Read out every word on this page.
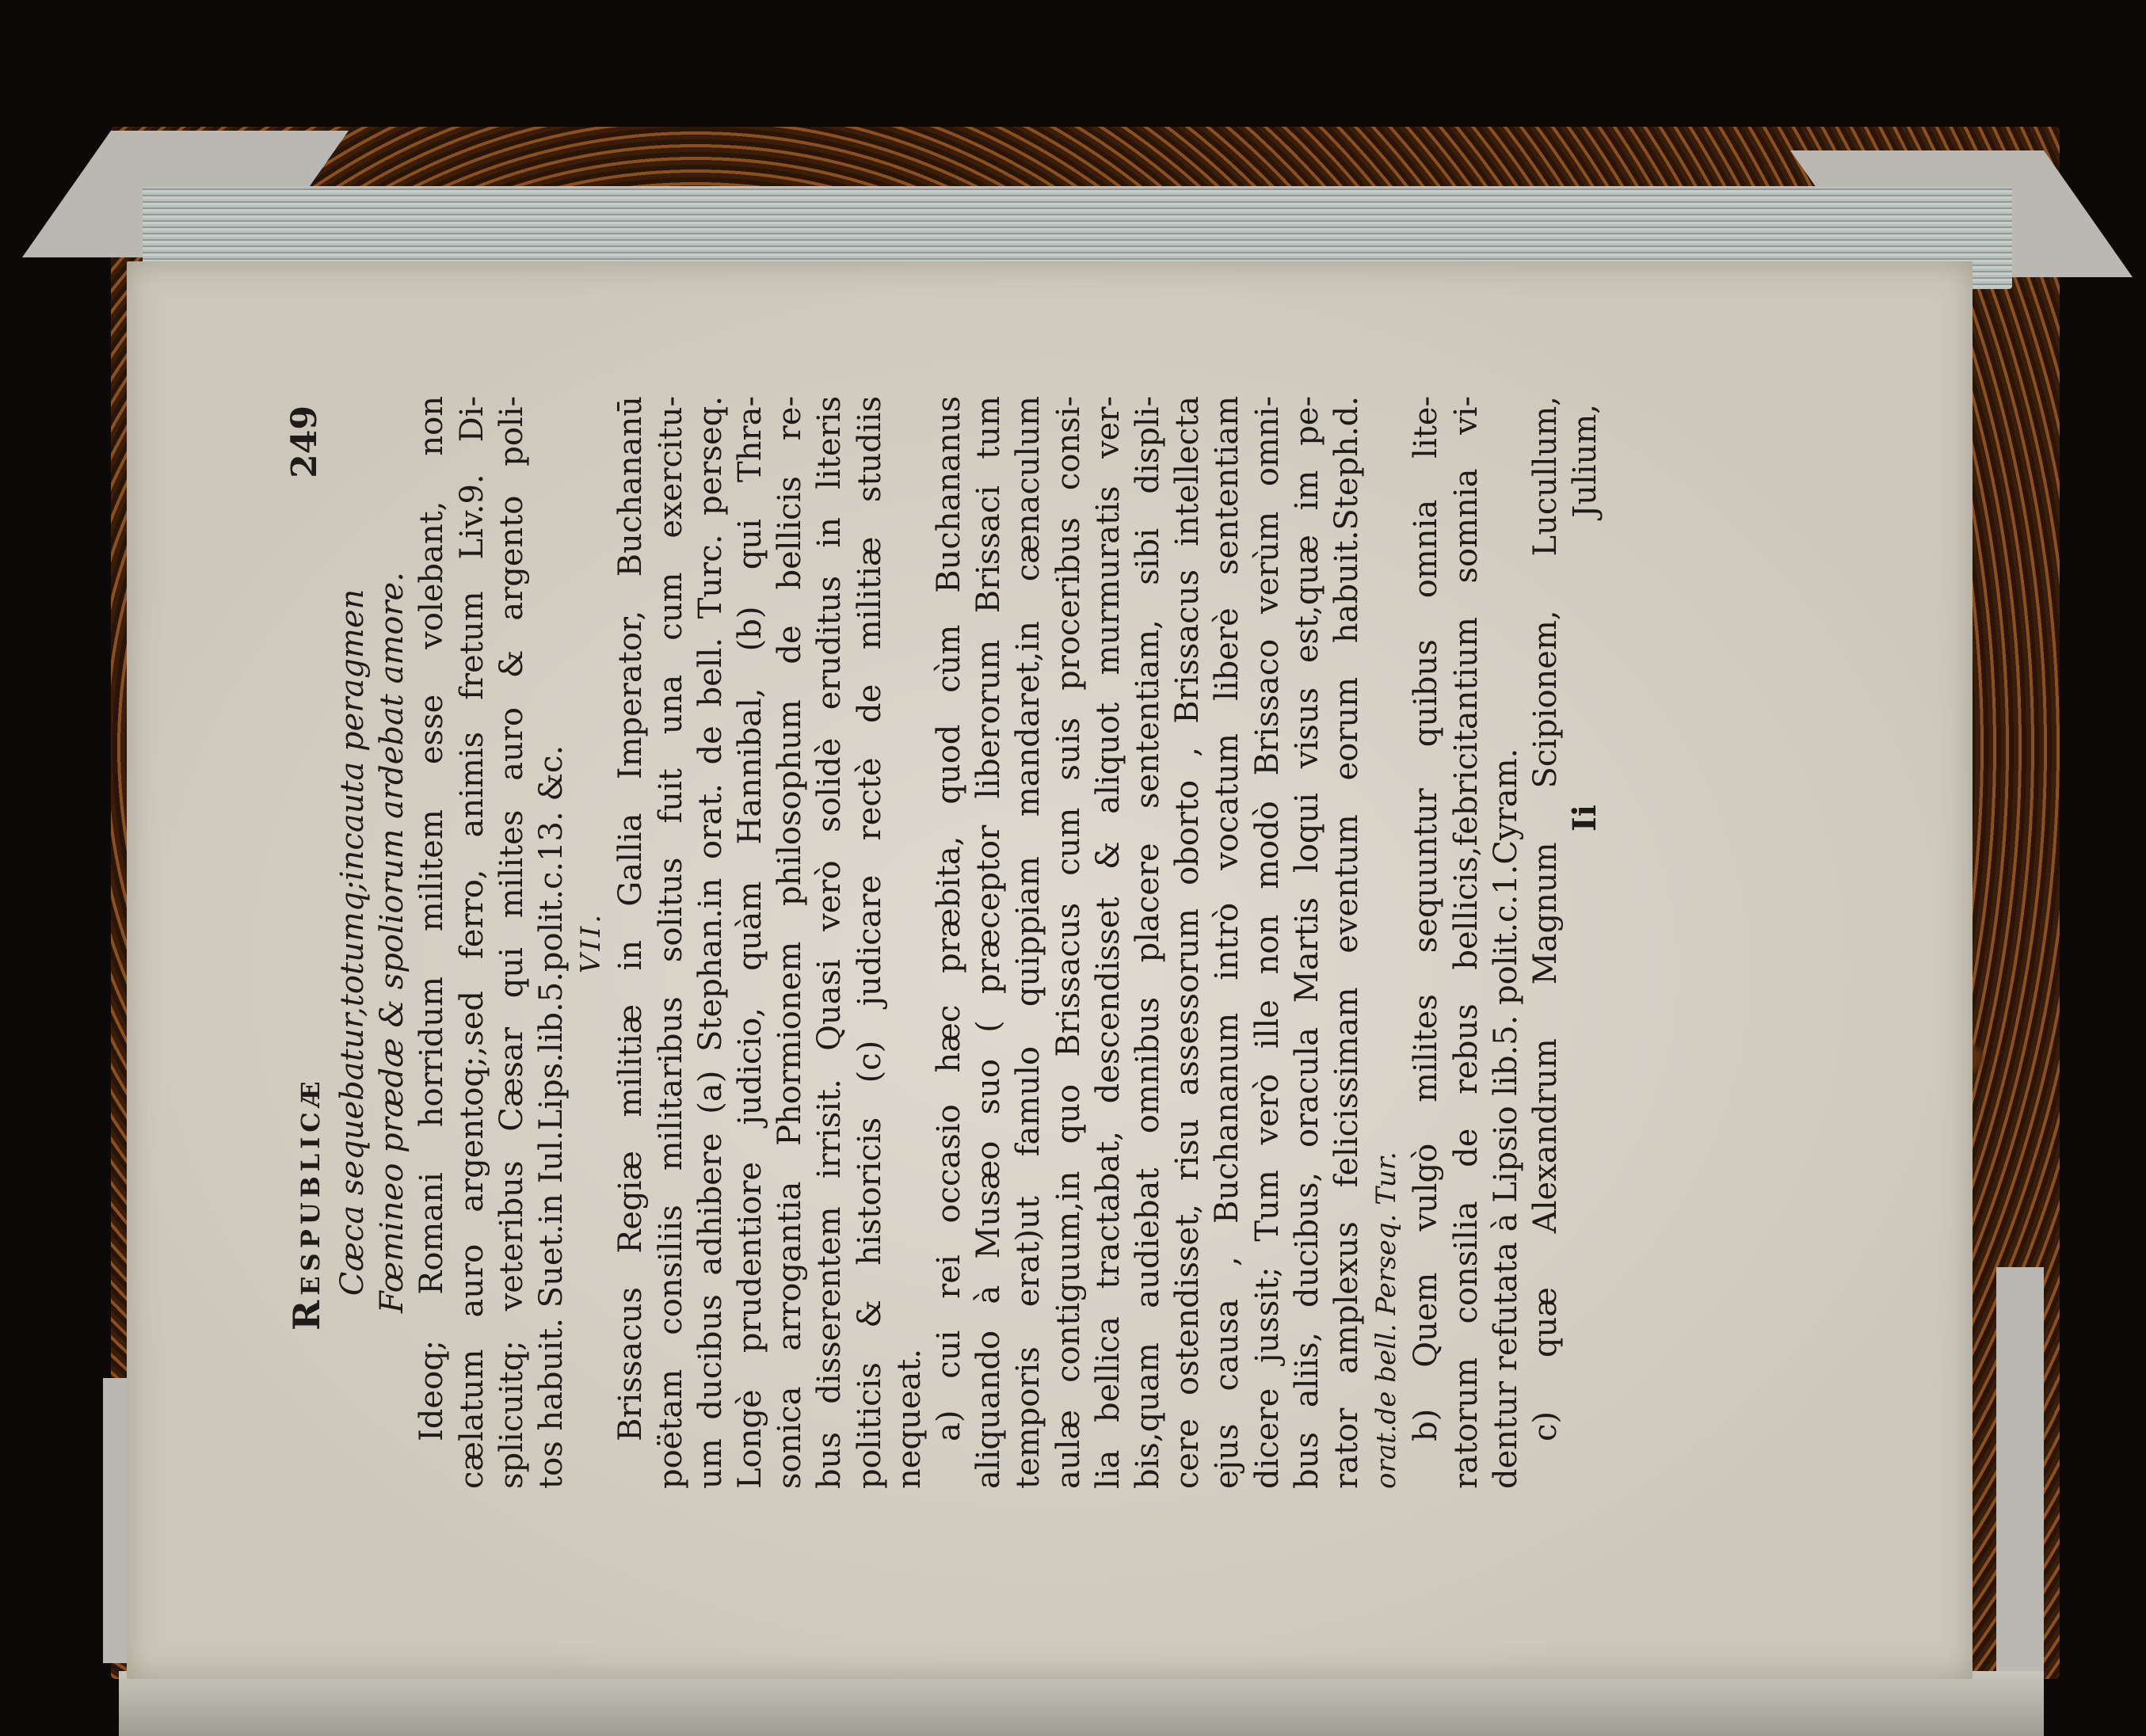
Respublicæ
249
Cæca sequebatur,totumq;incauta peragmen Fœmineo prædæ & spoliorum ardebat amore. Ideoq; Romani horridum militem esse volebant, non cælatum auro argentoq;,sed ferro, animis fretum Liv.9. Di- splicuitq; veteribus Cæsar qui milites auro & argento poli- tos habuit. Suet.in Iul.Lips.lib.5.polit.c.13. &c. VII. Brissacus Regiæ militiæ in Gallia Imperator, Buchananū poëtam consiliis militaribus solitus fuit una cum exercitu- um ducibus adhibere (a) Stephan.in orat. de bell. Turc. perseq. Longè prudentiore judicio, quàm Hannibal, (b) qui Thra- sonica arrogantia Phormionem philosophum de bellicis re- bus disserentem irrisit. Quasi verò solidè eruditus in literis politicis & historicis (c) judicare rectè de militiæ studiis nequeat. a) cui rei occasio hæc præbita, quod cùm Buchananus aliquando à Musæo suo ( præceptor liberorum Brissaci tum temporis erat)ut famulo quippiam mandaret,in cænaculum aulæ contiguum,in quo Brissacus cum suis proceribus consi- lia bellica tractabat, descendisset & aliquot murmuratis ver- bis,quam audiebat omnibus placere sententiam, sibi displi- cere ostendisset, risu assessorum oborto , Brissacus intellecta ejus causa , Buchananum intrò vocatum liberè sententiam dicere jussit; Tum verò ille non modò Brissaco verùm omni- bus aliis, ducibus, oracula Martis loqui visus est,quæ im pe- rator amplexus felicissimam eventum eorum habuit.Steph.d. orat.de bell. Perseq. Tur. b) Quem vulgò milites sequuntur quibus omnia lite- ratorum consilia de rebus bellicis,febricitantium somnia vi- dentur refutata à Lipsio lib.5. polit.c.1.Cyram. c) quæ Alexandrum Magnum Scipionem, Lucullum, Ii
Julium,
